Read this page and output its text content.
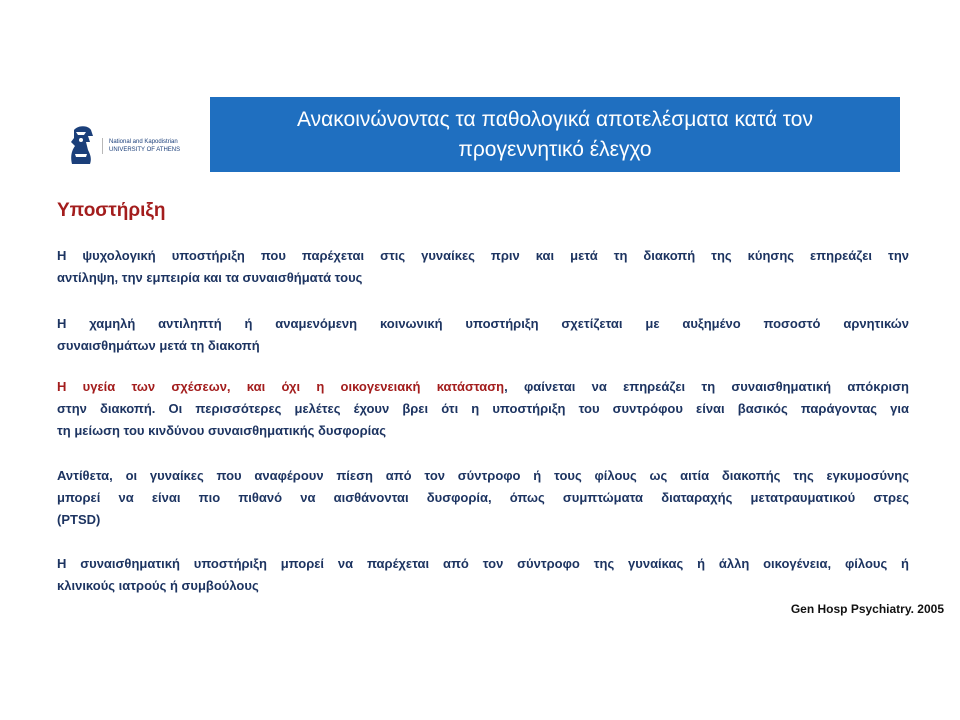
National and Kapodistrian
UNIVERSITY OF ATHENS
Ανακοινώνοντας τα παθολογικά αποτελέσματα κατά τον
προγεννητικό έλεγχο
Υποστήριξη
Η ψυχολογική υποστήριξη που παρέχεται στις γυναίκες πριν και μετά τη διακοπή της κύησης επηρεάζει την
αντίληψη, την εμπειρία και τα συναισθήματά τους
Η χαμηλή αντιληπτή ή αναμενόμενη κοινωνική υποστήριξη σχετίζεται με αυξημένο ποσοστό αρνητικών
συναισθημάτων μετά τη διακοπή
Η υγεία των σχέσεων, και όχι η οικογενειακή κατάσταση, φαίνεται να επηρεάζει τη συναισθηματική απόκριση
στην διακοπή. Οι περισσότερες μελέτες έχουν βρει ότι η υποστήριξη του συντρόφου είναι βασικός παράγοντας για
τη μείωση του κινδύνου συναισθηματικής δυσφορίας
Αντίθετα, οι γυναίκες που αναφέρουν πίεση από τον σύντροφο ή τους φίλους ως αιτία διακοπής της εγκυμοσύνης
μπορεί να είναι πιο πιθανό να αισθάνονται δυσφορία, όπως συμπτώματα διαταραχής μετατραυματικού στρες
(PTSD)
Η συναισθηματική υποστήριξη μπορεί να παρέχεται από τον σύντροφο της γυναίκας ή άλλη οικογένεια, φίλους ή
κλινικούς ιατρούς ή συμβούλους
Gen Hosp Psychiatry. 2005
